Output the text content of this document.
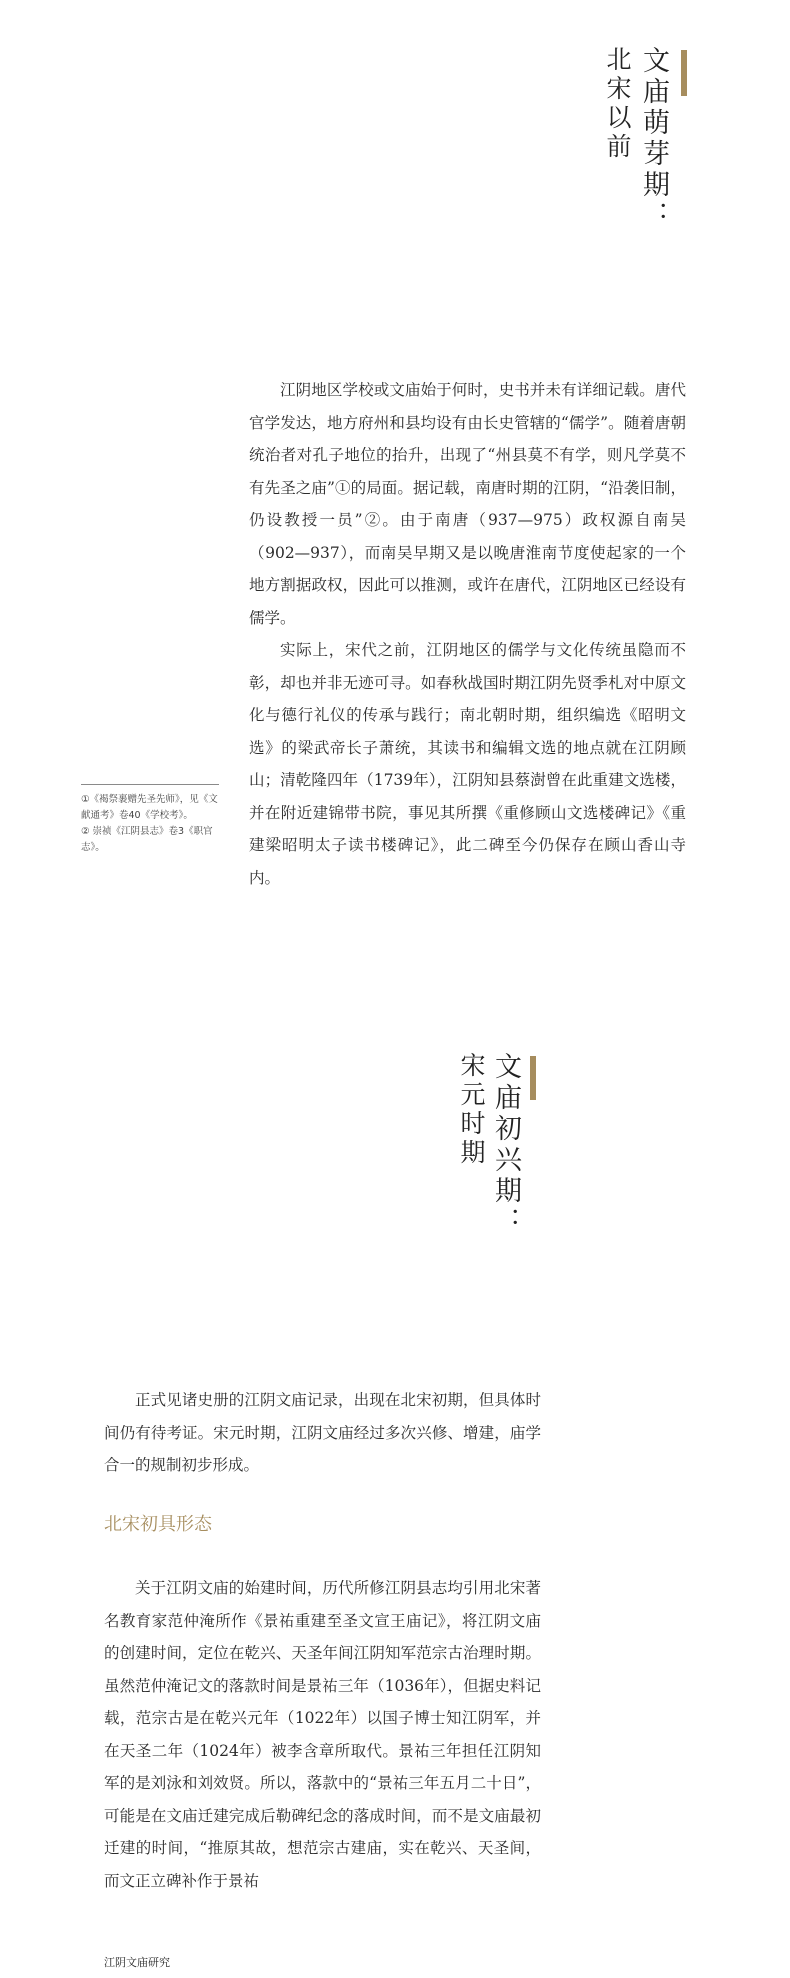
文庙萌芽期：
北宋以前

江阴地区学校或文庙始于何时，史书并未有详细记载。唐代官学发达，地方府州和县均设有由长史管辖的“儒学”。随着唐朝统治者对孔子地位的抬升，出现了“州县莫不有学，则凡学莫不有先圣之庙”①的局面。据记载，南唐时期的江阴，“沿袭旧制，仍设教授一员”②。由于南唐（937—975）政权源自南吴（902—937），而南吴早期又是以晚唐淮南节度使起家的一个地方割据政权，因此可以推测，或许在唐代，江阴地区已经设有儒学。

实际上，宋代之前，江阴地区的儒学与文化传统虽隐而不彰，却也并非无迹可寻。如春秋战国时期江阴先贤季札对中原文化与德行礼仪的传承与践行；南北朝时期，组织编选《昭明文选》的梁武帝长子萧统，其读书和编辑文选的地点就在江阴顾山；清乾隆四年（1739年），江阴知县蔡澍曾在此重建文选楼，并在附近建锦带书院，事见其所撰《重修顾山文选楼碑记》《重建梁昭明太子读书楼碑记》，此二碑至今仍保存在顾山香山寺内。

①《褐祭裹赠先圣先师》，见《文献通考》卷40《学校考》。

② 崇祯《江阴县志》卷3《职官志》。

文庙初兴期：
宋元时期

正式见诸史册的江阴文庙记录，出现在北宋初期，但具体时间仍有待考证。宋元时期，江阴文庙经过多次兴修、增建，庙学合一的规制初步形成。

北宋初具形态

关于江阴文庙的始建时间，历代所修江阴县志均引用北宋著名教育家范仲淹所作《景祐重建至圣文宣王庙记》，将江阴文庙的创建时间，定位在乾兴、天圣年间江阴知军范宗古治理时期。虽然范仲淹记文的落款时间是景祐三年（1036年），但据史料记载，范宗古是在乾兴元年（1022年）以国子博士知江阴军，并在天圣二年（1024年）被李含章所取代。景祐三年担任江阴知军的是刘泳和刘效贤。所以，落款中的“景祐三年五月二十日”，可能是在文庙迁建完成后勒碑纪念的落成时间，而不是文庙最初迁建的时间，“推原其故，想范宗古建庙，实在乾兴、天圣间，而文正立碑补作于景祐

江阴文庙研究
